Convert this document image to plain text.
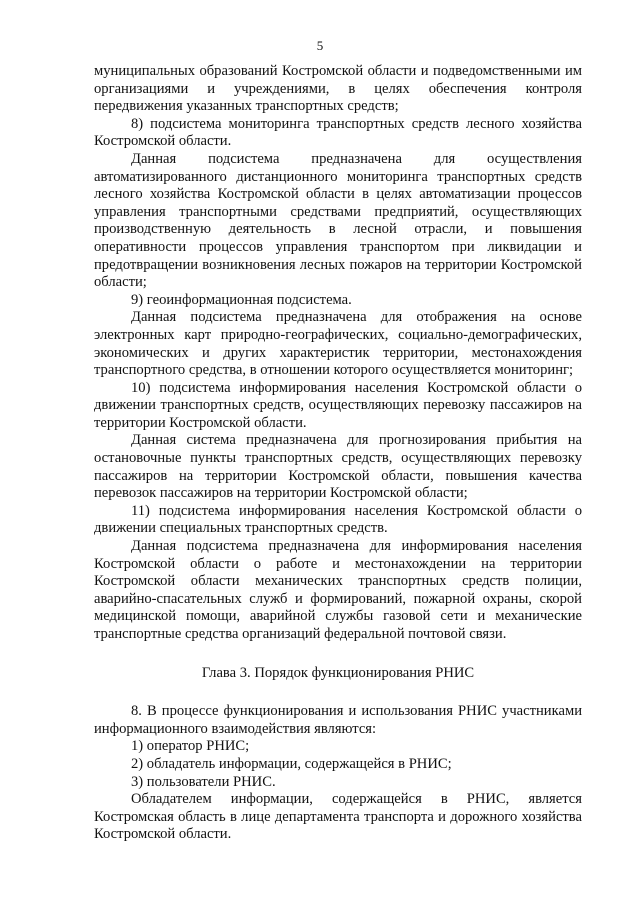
5

муниципальных образований Костромской области и подведомственными им организациями и учреждениями, в целях обеспечения контроля передвижения указанных транспортных средств;

8) подсистема мониторинга транспортных средств лесного хозяйства Костромской области.

Данная подсистема предназначена для осуществления автоматизированного дистанционного мониторинга транспортных средств лесного хозяйства Костромской области в целях автоматизации процессов управления транспортными средствами предприятий, осуществляющих производственную деятельность в лесной отрасли, и повышения оперативности процессов управления транспортом при ликвидации и предотвращении возникновения лесных пожаров на территории Костромской области;

9) геоинформационная подсистема.

Данная подсистема предназначена для отображения на основе электронных карт природно-географических, социально-демографических, экономических и других характеристик территории, местонахождения транспортного средства, в отношении которого осуществляется мониторинг;

10) подсистема информирования населения Костромской области о движении транспортных средств, осуществляющих перевозку пассажиров на территории Костромской области.

Данная система предназначена для прогнозирования прибытия на остановочные пункты транспортных средств, осуществляющих перевозку пассажиров на территории Костромской области, повышения качества перевозок пассажиров на территории Костромской области;

11) подсистема информирования населения Костромской области о движении специальных транспортных средств.

Данная подсистема предназначена для информирования населения Костромской области о работе и местонахождении на территории Костромской области механических транспортных средств полиции, аварийно-спасательных служб и формирований, пожарной охраны, скорой медицинской помощи, аварийной службы газовой сети и механические транспортные средства организаций федеральной почтовой связи.

Глава 3. Порядок функционирования РНИС

8. В процессе функционирования и использования РНИС участниками информационного взаимодействия являются:

1) оператор РНИС;

2) обладатель информации, содержащейся в РНИС;

3) пользователи РНИС.

Обладателем информации, содержащейся в РНИС, является Костромская область в лице департамента транспорта и дорожного хозяйства Костромской области.
